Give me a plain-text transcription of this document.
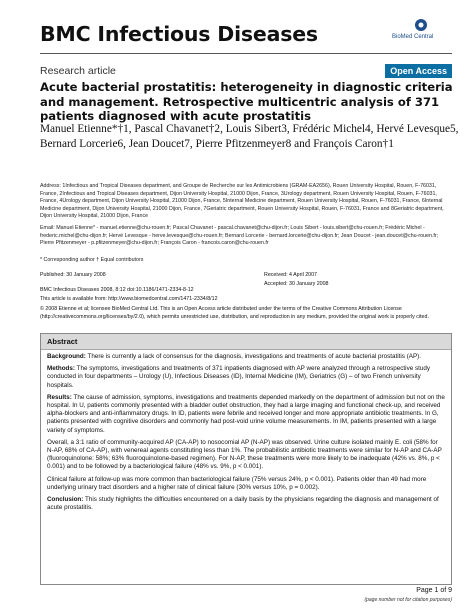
BMC Infectious Diseases	BioMed Central
Research article	Open Access
Acute bacterial prostatitis: heterogeneity in diagnostic criteria and management. Retrospective multicentric analysis of 371 patients diagnosed with acute prostatitis
Manuel Etienne*†1, Pascal Chavanet†2, Louis Sibert3, Frédéric Michel4, Hervé Levesque5, Bernard Lorcerie6, Jean Doucet7, Pierre Pfitzenmeyer8 and François Caron†1
Address: 1Infectious and Tropical Diseases department, and Groupe de Recherche sur les Antimicrobiens (GRAM-EA2656), Rouen University Hospital, Rouen, F-76031, France, 2Infectious and Tropical Diseases department, Dijon University Hospital, 21000 Dijon, France, 3Urology department, Rouen University Hospital, Rouen, F-76031, France, 4Urology department, Dijon University Hospital, 21000 Dijon, France, 5Internal Medicine department, Rouen University Hospital, Rouen, F-76031, France, 6Internal Medicine department, Dijon University Hospital, 21000 Dijon, France, 7Geriatric department, Rouen University Hospital, Rouen, F-76031, France and 8Geriatric department, Dijon University Hospital, 21000 Dijon, France
Email: Manuel Etienne* - manuel.etienne@chu-rouen.fr; Pascal Chavanet - pascal.chavanet@chu-dijon.fr; Louis Sibert - louis.sibert@chu-rouen.fr; Frédéric Michel - frederic.michel@chu-dijon.fr; Hervé Levesque - herve.levesque@chu-rouen.fr; Bernard Lorcerie - bernard.lorcerie@chu-dijon.fr; Jean Doucet - jean.doucet@chu-rouen.fr; Pierre Pfitzenmeyer - p.pfitzenmeyer@chu-dijon.fr; François Caron - francois.caron@chu-rouen.fr
* Corresponding author † Equal contributors
Published: 30 January 2008	Received: 4 April 2007
Accepted: 30 January 2008
BMC Infectious Diseases 2008, 8:12 doi:10.1186/1471-2334-8-12
This article is available from: http://www.biomedcentral.com/1471-2334/8/12
© 2008 Etienne et al; licensee BioMed Central Ltd. This is an Open Access article distributed under the terms of the Creative Commons Attribution License (http://creativecommons.org/licenses/by/2.0), which permits unrestricted use, distribution, and reproduction in any medium, provided the original work is properly cited.
Abstract

Background: There is currently a lack of consensus for the diagnosis, investigations and treatments of acute bacterial prostatitis (AP).

Methods: The symptoms, investigations and treatments of 371 inpatients diagnosed with AP were analyzed through a retrospective study conducted in four departments – Urology (U), Infectious Diseases (ID), Internal Medicine (IM), Geriatrics (G) – of two French university hospitals.

Results: The cause of admission, symptoms, investigations and treatments depended markedly on the department of admission but not on the hospital. In U, patients commonly presented with a bladder outlet obstruction, they had a large imaging and functional check-up, and received alpha-blockers and anti-inflammatory drugs. In ID, patients were febrile and received longer and more appropriate antibiotic treatments. In G, patients presented with cognitive disorders and commonly had post-void urine volume measurements. In IM, patients presented with a large variety of symptoms.

Overall, a 3:1 ratio of community-acquired AP (CA-AP) to nosocomial AP (N-AP) was observed. Urine culture isolated mainly E. coli (58% for N-AP, 68% of CA-AP), with venereal agents constituting less than 1%. The probabilistic antibiotic treatments were similar for N-AP and CA-AP (fluoroquinolone: 58%; 63% fluoroquinolone-based regimen). For N-AP, these treatments were more likely to be inadequate (42% vs. 8%, p < 0.001) and to be followed by a bacteriological failure (48% vs. 9%, p < 0.001).

Clinical failure at follow-up was more common than bacteriological failure (75% versus 24%, p < 0.001). Patients older than 49 had more underlying urinary tract disorders and a higher rate of clinical failure (30% versus 10%, p = 0.002).

Conclusion: This study highlights the difficulties encountered on a daily basis by the physicians regarding the diagnosis and management of acute prostatitis.

Page 1 of 9
(page number not for citation purposes)
